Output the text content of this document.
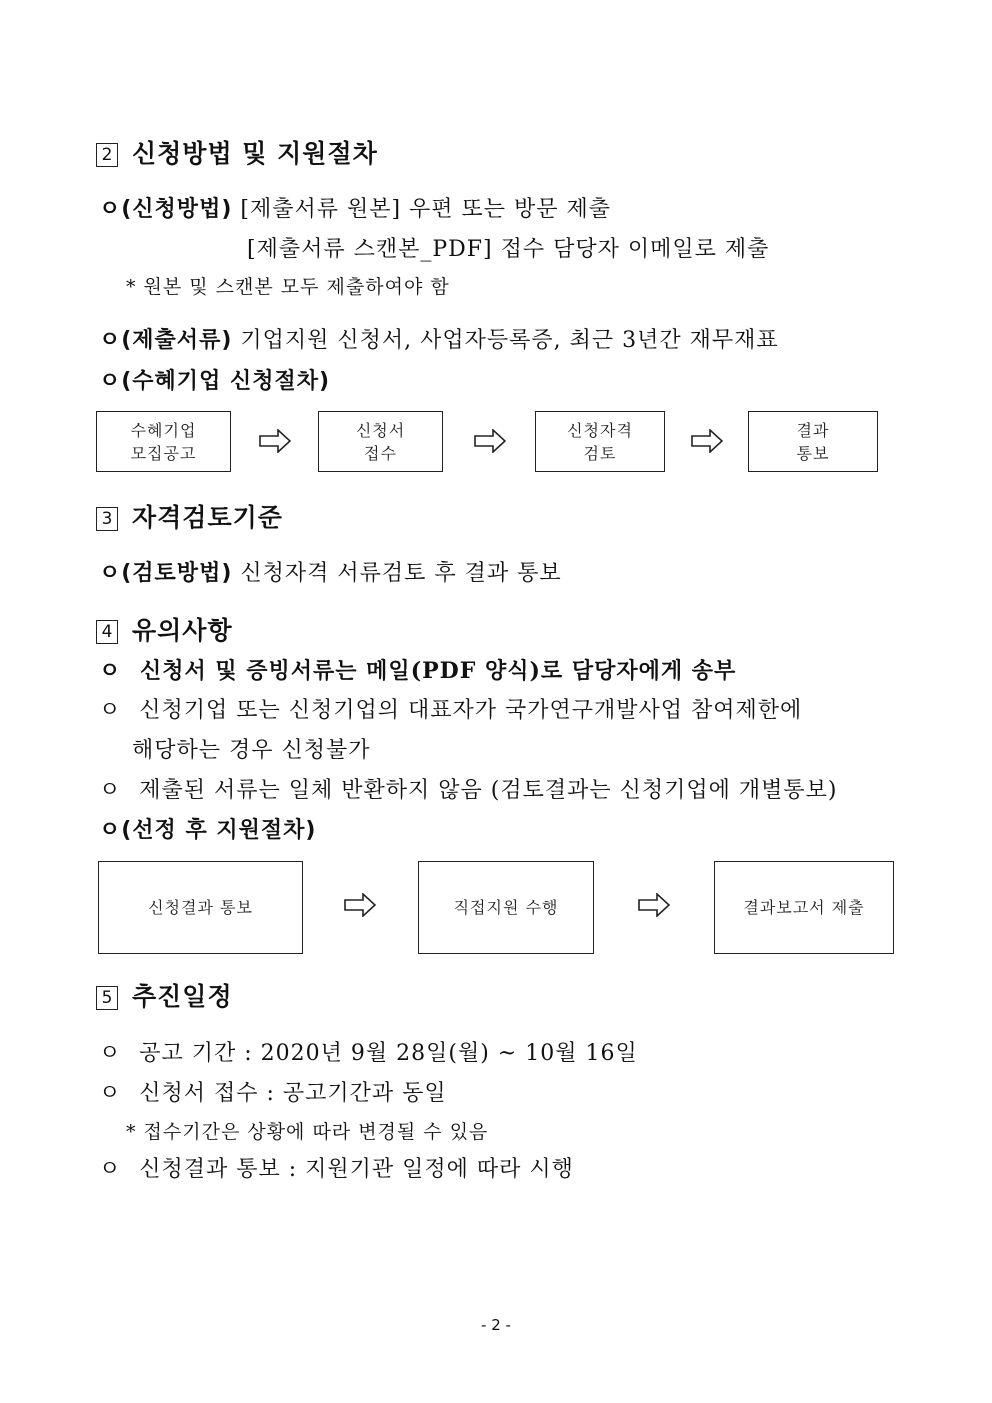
2 신청방법 및 지원절차
ㅇ(신청방법) [제출서류 원본] 우편 또는 방문 제출
[제출서류 스캔본_PDF] 접수 담당자 이메일로 제출
* 원본 및 스캔본 모두 제출하여야 함
ㅇ(제출서류) 기업지원 신청서, 사업자등록증, 최근 3년간 재무재표
ㅇ(수혜기업 신청절차)
수혜기업
모집공고
신청서
접수
신청자격
검토
결과
통보
3 자격검토기준
ㅇ(검토방법) 신청자격 서류검토 후 결과 통보
4 유의사항
ㅇ 신청서 및 증빙서류는 메일(PDF 양식)로 담당자에게 송부
ㅇ 신청기업 또는 신청기업의 대표자가 국가연구개발사업 참여제한에
해당하는 경우 신청불가
ㅇ 제출된 서류는 일체 반환하지 않음 (검토결과는 신청기업에 개별통보)
ㅇ(선정 후 지원절차)
신청결과 통보	직접지원 수행	결과보고서 제출
5 추진일정
ㅇ 공고 기간 : 2020년 9월 28일(월) ~ 10월 16일
ㅇ 신청서 접수 : 공고기간과 동일
* 접수기간은 상황에 따라 변경될 수 있음
ㅇ 신청결과 통보 : 지원기관 일정에 따라 시행
- 2 -
